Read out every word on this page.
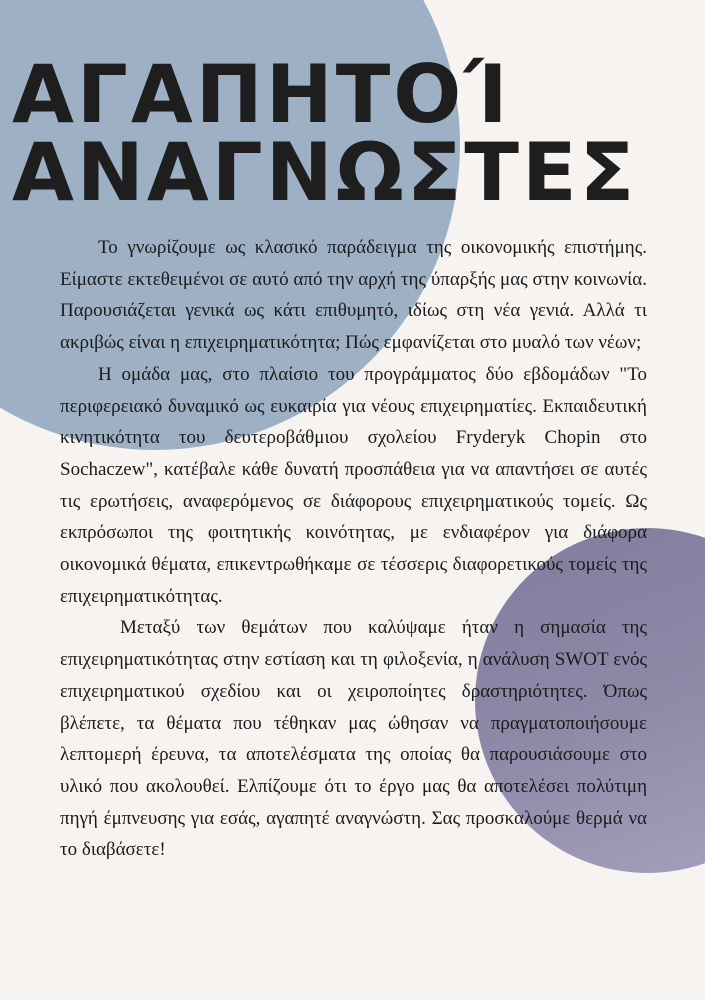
ΑΓΑΠΗΤΟΊ
ΑΝΑΓΝΩΣΤΕΣ

Το γνωρίζουμε ως κλασικό παράδειγμα της οικονομικής επιστήμης. Είμαστε εκτεθειμένοι σε αυτό από την αρχή της ύπαρξής μας στην κοινωνία. Παρουσιάζεται γενικά ως κάτι επιθυμητό, ιδίως στη νέα γενιά. Αλλά τι ακριβώς είναι η επιχειρηματικότητα; Πώς εμφανίζεται στο μυαλό των νέων;

Η ομάδα μας, στο πλαίσιο του προγράμματος δύο εβδομάδων "Το περιφερειακό δυναμικό ως ευκαιρία για νέους επιχειρηματίες. Εκπαιδευτική κινητικότητα του δευτεροβάθμιου σχολείου Fryderyk Chopin στο Sochaczew", κατέβαλε κάθε δυνατή προσπάθεια για να απαντήσει σε αυτές τις ερωτήσεις, αναφερόμενος σε διάφορους επιχειρηματικούς τομείς. Ως εκπρόσωποι της φοιτητικής κοινότητας, με ενδιαφέρον για διάφορα οικονομικά θέματα, επικεντρωθήκαμε σε τέσσερις διαφορετικούς τομείς της επιχειρηματικότητας.

Μεταξύ των θεμάτων που καλύψαμε ήταν η σημασία της επιχειρηματικότητας στην εστίαση και τη φιλοξενία, η ανάλυση SWOT ενός επιχειρηματικού σχεδίου και οι χειροποίητες δραστηριότητες. Όπως βλέπετε, τα θέματα που τέθηκαν μας ώθησαν να πραγματοποιήσουμε λεπτομερή έρευνα, τα αποτελέσματα της οποίας θα παρουσιάσουμε στο υλικό που ακολουθεί. Ελπίζουμε ότι το έργο μας θα αποτελέσει πολύτιμη πηγή έμπνευσης για εσάς, αγαπητέ αναγνώστη. Σας προσκαλούμε θερμά να το διαβάσετε!
